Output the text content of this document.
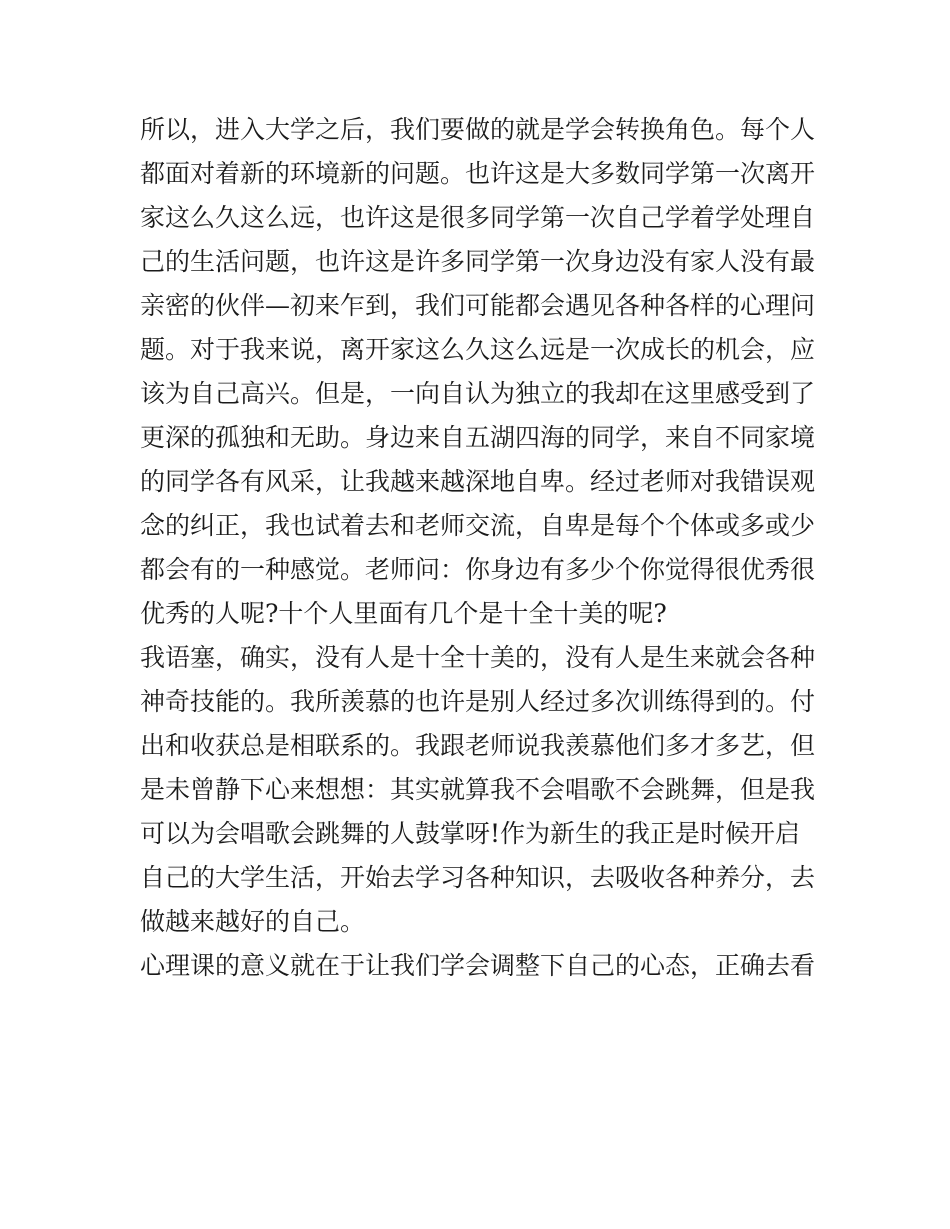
所以，进入大学之后，我们要做的就是学会转换角色。每个人
都面对着新的环境新的问题。也许这是大多数同学第一次离开
家这么久这么远，也许这是很多同学第一次自己学着学处理自
己的生活问题，也许这是许多同学第一次身边没有家人没有最
亲密的伙伴—初来乍到，我们可能都会遇见各种各样的心理问
题。对于我来说，离开家这么久这么远是一次成长的机会，应
该为自己高兴。但是，一向自认为独立的我却在这里感受到了
更深的孤独和无助。身边来自五湖四海的同学，来自不同家境
的同学各有风采，让我越来越深地自卑。经过老师对我错误观
念的纠正，我也试着去和老师交流，自卑是每个个体或多或少
都会有的一种感觉。老师问：你身边有多少个你觉得很优秀很
优秀的人呢?十个人里面有几个是十全十美的呢?
我语塞，确实，没有人是十全十美的，没有人是生来就会各种
神奇技能的。我所羡慕的也许是别人经过多次训练得到的。付
出和收获总是相联系的。我跟老师说我羡慕他们多才多艺，但
是未曾静下心来想想：其实就算我不会唱歌不会跳舞，但是我
可以为会唱歌会跳舞的人鼓掌呀!作为新生的我正是时候开启
自己的大学生活，开始去学习各种知识，去吸收各种养分，去
做越来越好的自己。
心理课的意义就在于让我们学会调整下自己的心态，正确去看
